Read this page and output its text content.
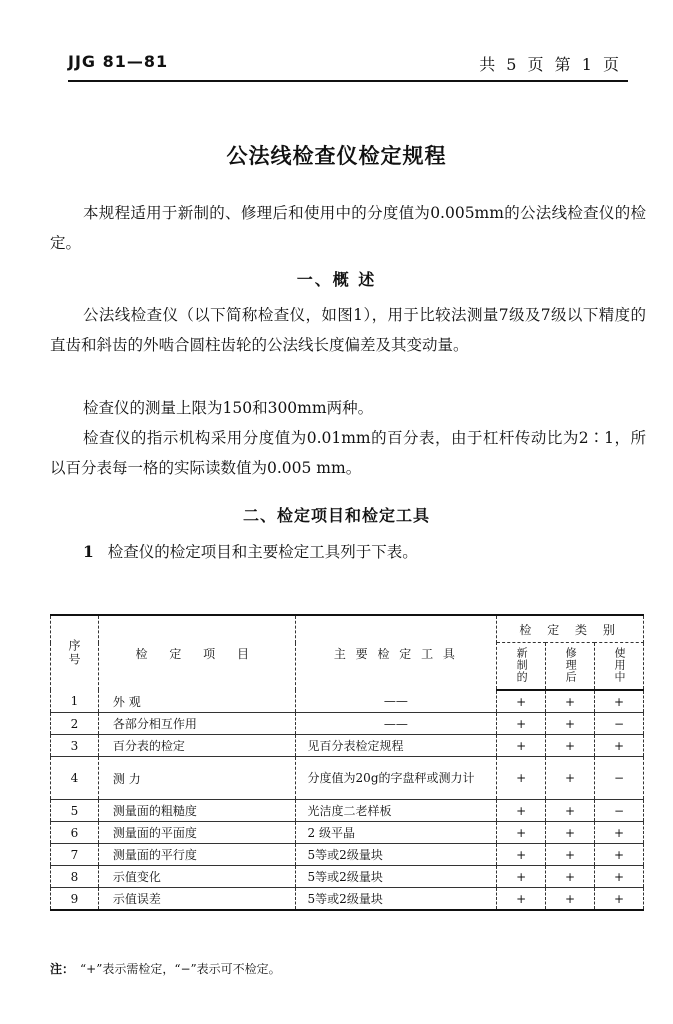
JJG 81—81	共 5 页 第 1 页
公法线检查仪检定规程

本规程适用于新制的、修理后和使用中的分度值为0.005mm的公法线检查仪的检定。

一、概 述

公法线检查仪（以下简称检查仪，如图1），用于比较法测量7级及7级以下精度的直齿和斜齿的外啮合圆柱齿轮的公法线长度偏差及其变动量。

检查仪的测量上限为150和300mm两种。

检查仪的指示机构采用分度值为0.01mm的百分表，由于杠杆传动比为2∶1，所以百分表每一格的实际读数值为0.005 mm。

二、检定项目和检定工具
1 检查仪的检定项目和主要检定工具列于下表。
序号	检 定 项 目	主 要 检 定 工 具	检 定 类 别		
			新制的	修理后	使用中
1	外 观	——	+	+	+
2	各部分相互作用	——	+	+	−
3	百分表的检定	见百分表检定规程	+	+	+
4	测 力	分度值为20g的字盘秤或测力计	+	+	−
5	测量面的粗糙度	光洁度二老样板	+	+	−
6	测量面的平面度	2 级平晶	+	+	+
7	测量面的平行度	5等或2级量块	+	+	+
8	示值变化	5等或2级量块	+	+	+
9	示值误差	5等或2级量块	+	+	+
注： “+”表示需检定，“−”表示可不检定。
